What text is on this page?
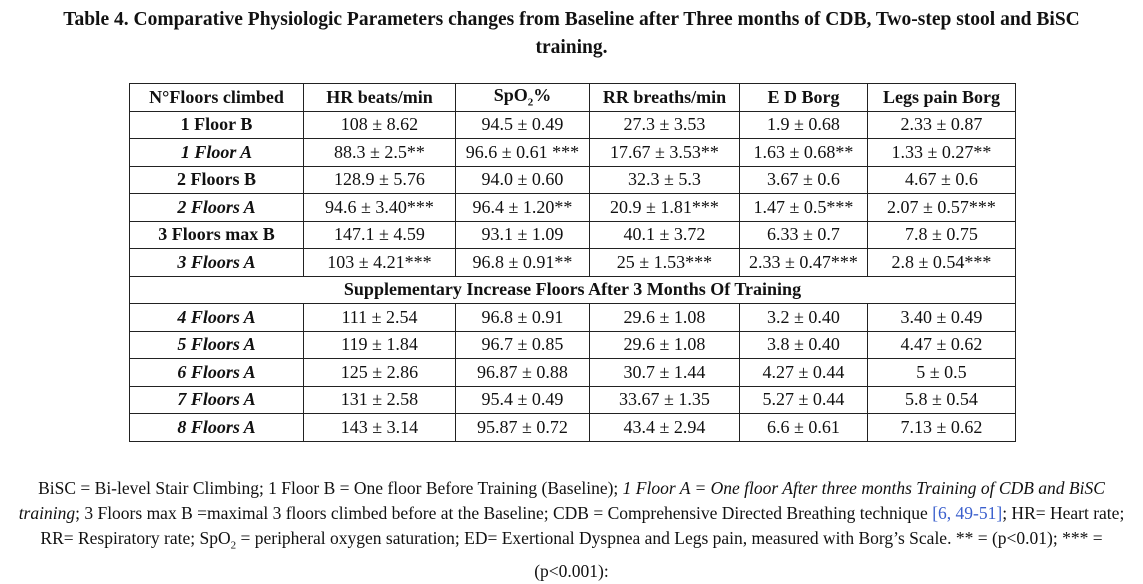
Table 4. Comparative Physiologic Parameters changes from Baseline after Three months of CDB, Two-step stool and BiSC
training.
N°Floors climbed	HR beats/min	SpO$_2$%	RR breaths/min	E D Borg	Legs pain Borg
1 Floor B	108 ± 8.62	94.5 ± 0.49	27.3 ± 3.53	1.9 ± 0.68	2.33 ± 0.87
1 Floor A	88.3 ± 2.5**	96.6 ± 0.61 ***	17.67 ± 3.53**	1.63 ± 0.68**	1.33 ± 0.27**
2 Floors B	128.9 ± 5.76	94.0 ± 0.60	32.3 ± 5.3	3.67 ± 0.6	4.67 ± 0.6
2 Floors A	94.6 ± 3.40***	96.4 ± 1.20**	20.9 ± 1.81***	1.47 ± 0.5***	2.07 ± 0.57***
3 Floors max B	147.1 ± 4.59	93.1 ± 1.09	40.1 ± 3.72	6.33 ± 0.7	7.8 ± 0.75
3 Floors A	103 ± 4.21***	96.8 ± 0.91**	25 ± 1.53***	2.33 ± 0.47***	2.8 ± 0.54***
Supplementary Increase Floors After 3 Months Of Training					
4 Floors A	111 ± 2.54	96.8 ± 0.91	29.6 ± 1.08	3.2 ± 0.40	3.40 ± 0.49
5 Floors A	119 ± 1.84	96.7 ± 0.85	29.6 ± 1.08	3.8 ± 0.40	4.47 ± 0.62
6 Floors A	125 ± 2.86	96.87 ± 0.88	30.7 ± 1.44	4.27 ± 0.44	5 ± 0.5
7 Floors A	131 ± 2.58	95.4 ± 0.49	33.67 ± 1.35	5.27 ± 0.44	5.8 ± 0.54
8 Floors A	143 ± 3.14	95.87 ± 0.72	43.4 ± 2.94	6.6 ± 0.61	7.13 ± 0.62
BiSC = Bi-level Stair Climbing; 1 Floor B = One floor Before Training (Baseline); 1 Floor A = One floor After three months Training of CDB and BiSC training; 3 Floors max B =maximal 3 floors climbed before at the Baseline; CDB = Comprehensive Directed Breathing technique [6, 49-51]; HR= Heart rate; RR= Respiratory rate; SpO$_2$ = peripheral oxygen saturation; ED= Exertional Dyspnea and Legs pain, measured with Borg’s Scale. ** = (p<0.01); *** = (p<0.001):
